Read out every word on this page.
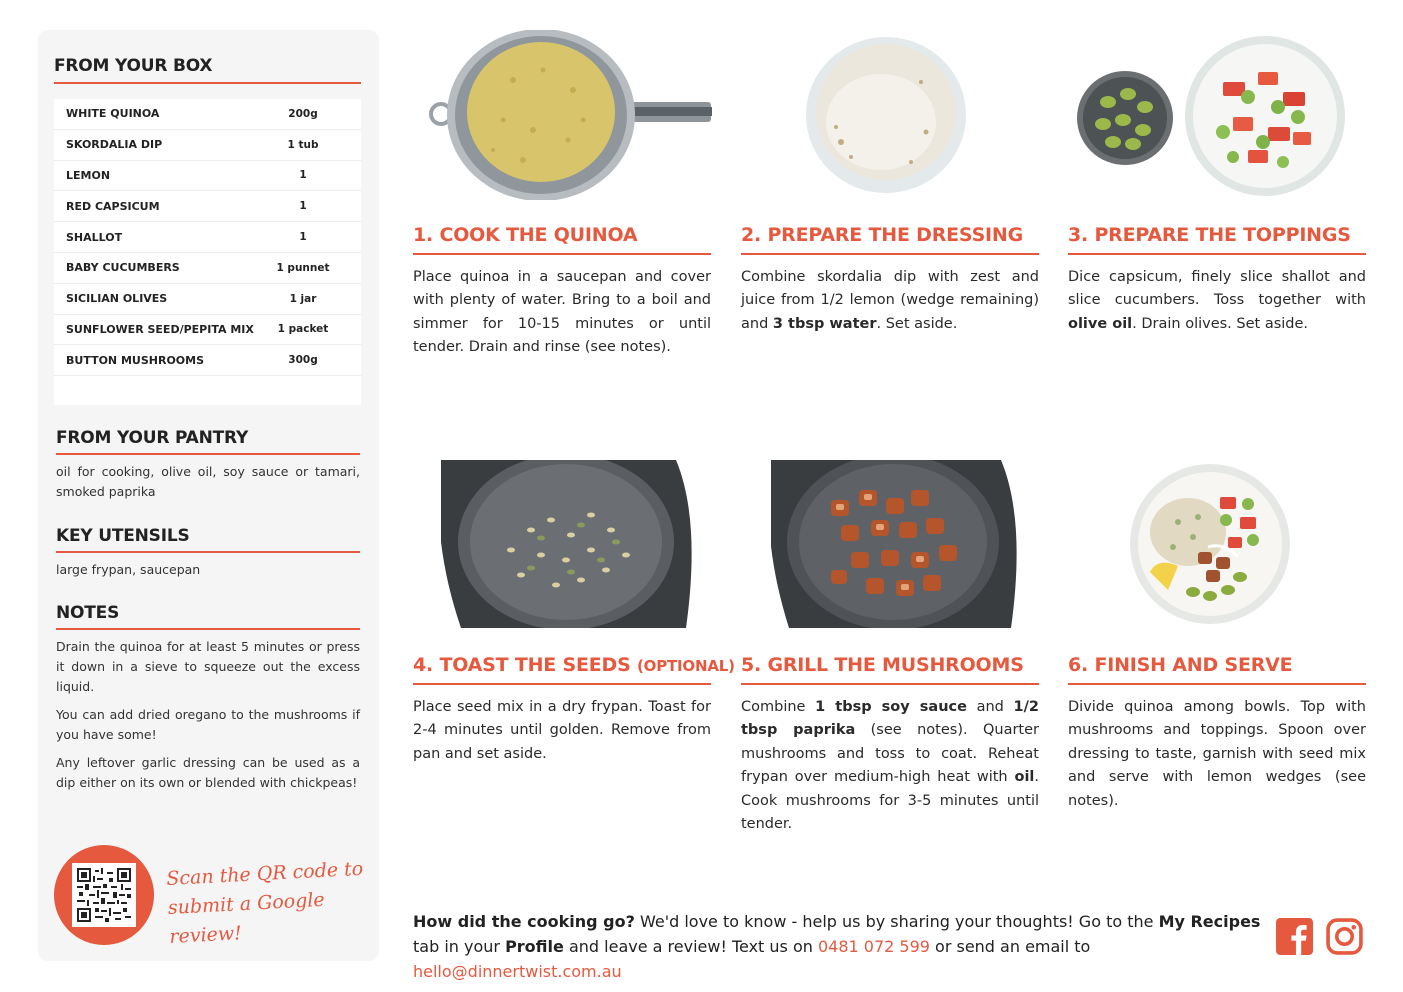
FROM YOUR BOX
WHITE QUINOA	200g
SKORDALIA DIP	1 tub
LEMON	1
RED CAPSICUM	1
SHALLOT	1
BABY CUCUMBERS	1 punnet
SICILIAN OLIVES	1 jar
SUNFLOWER SEED/PEPITA MIX	1 packet
BUTTON MUSHROOMS	300g
FROM YOUR PANTRY
oil for cooking, olive oil, soy sauce or tamari, smoked paprika
KEY UTENSILS
large frypan, saucepan
NOTES

Drain the quinoa for at least 5 minutes or press it down in a sieve to squeeze out the excess liquid.

You can add dried oregano to the mushrooms if you have some!

Any leftover garlic dressing can be used as a dip either on its own or blended with chickpeas!

Scan the QR code to
submit a Google review!
1. COOK THE QUINOA
Place quinoa in a saucepan and cover with plenty of water. Bring to a boil and simmer for 10-15 minutes or until tender. Drain and rinse (see notes).
2. PREPARE THE DRESSING
Combine skordalia dip with zest and juice from 1/2 lemon (wedge remaining) and 3 tbsp water. Set aside.
3. PREPARE THE TOPPINGS
Dice capsicum, finely slice shallot and slice cucumbers. Toss together with olive oil. Drain olives. Set aside.
4. TOAST THE SEEDS (OPTIONAL)
Place seed mix in a dry frypan. Toast for 2-4 minutes until golden. Remove from pan and set aside.
5. GRILL THE MUSHROOMS
Combine 1 tbsp soy sauce and 1/2 tbsp paprika (see notes). Quarter mushrooms and toss to coat. Reheat frypan over medium-high heat with oil. Cook mushrooms for 3-5 minutes until tender.
6. FINISH AND SERVE
Divide quinoa among bowls. Top with mushrooms and toppings. Spoon over dressing to taste, garnish with seed mix and serve with lemon wedges (see notes).
How did the cooking go? We'd love to know - help us by sharing your thoughts! Go to the My Recipes tab in your Profile and leave a review! Text us on 0481 072 599 or send an email to hello@dinnertwist.com.au
